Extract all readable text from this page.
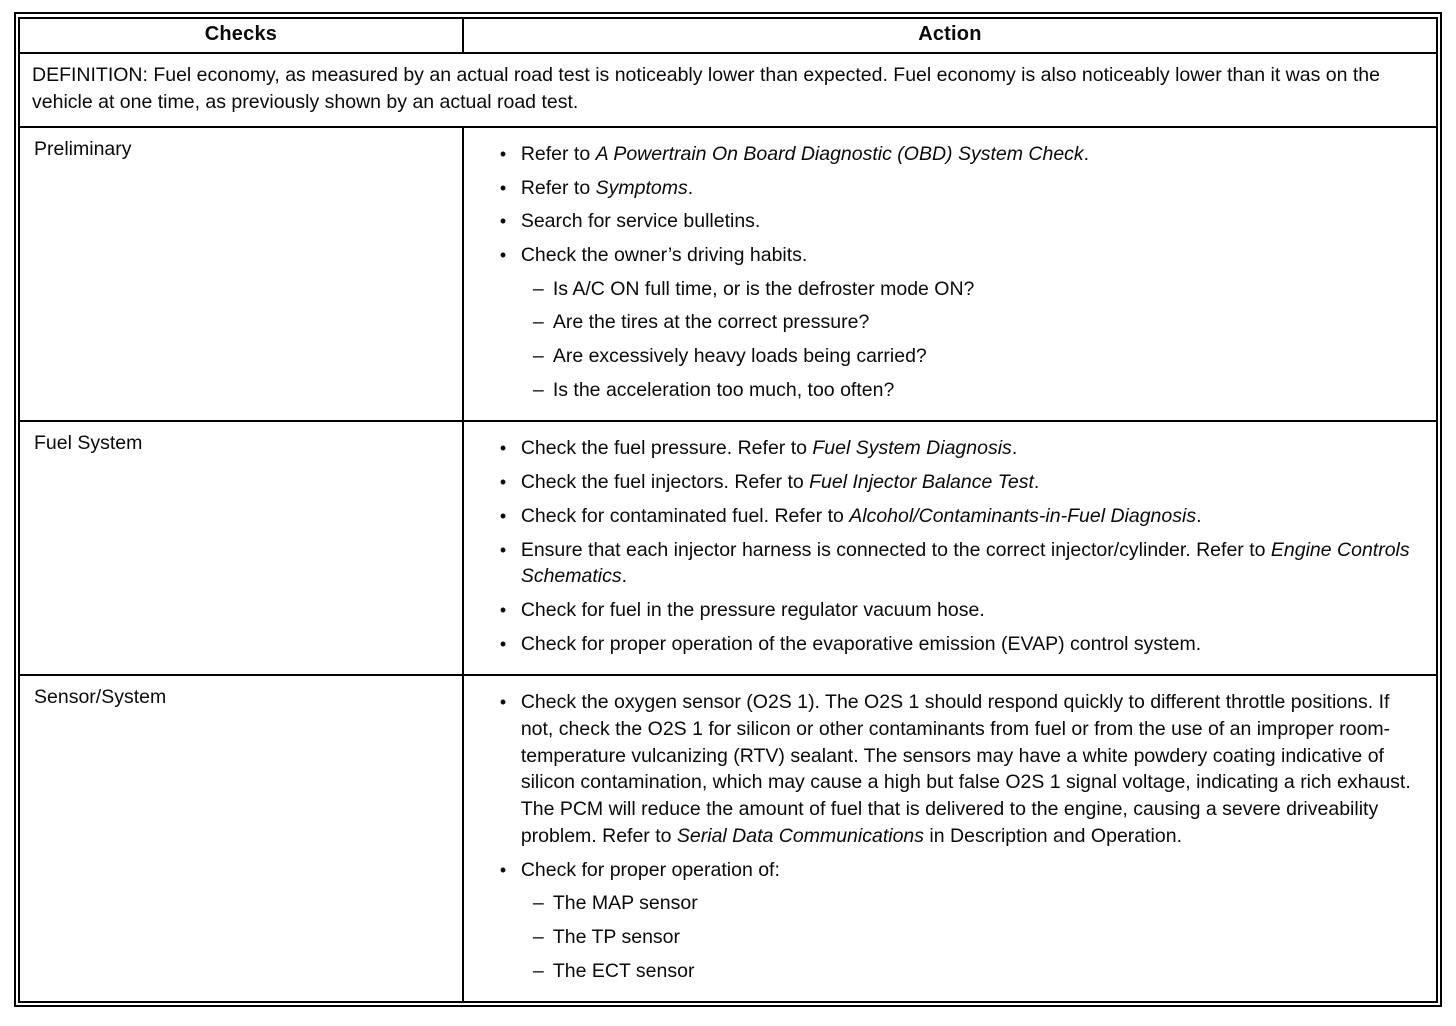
Checks	Action
DEFINITION: Fuel economy, as measured by an actual road test is noticeably lower than expected. Fuel economy is also noticeably lower than it was on the vehicle at one time, as previously shown by an actual road test.	
Preliminary	• Refer to A Powertrain On Board Diagnostic (OBD) System Check.
• Refer to Symptoms.
• Search for service bulletins.
• Check the owner’s driving habits.
– Is A/C ON full time, or is the defroster mode ON?
– Are the tires at the correct pressure?
– Are excessively heavy loads being carried?
– Is the acceleration too much, too often?

Fuel System	• Check the fuel pressure. Refer to Fuel System Diagnosis.
• Check the fuel injectors. Refer to Fuel Injector Balance Test.
• Check for contaminated fuel. Refer to Alcohol/Contaminants-in-Fuel Diagnosis.
• Ensure that each injector harness is connected to the correct injector/cylinder. Refer to Engine Controls Schematics.
• Check for fuel in the pressure regulator vacuum hose.
• Check for proper operation of the evaporative emission (EVAP) control system.

Sensor/System	• Check the oxygen sensor (O2S 1). The O2S 1 should respond quickly to different throttle positions. If not, check the O2S 1 for silicon or other contaminants from fuel or from the use of an improper room-temperature vulcanizing (RTV) sealant. The sensors may have a white powdery coating indicative of silicon contamination, which may cause a high but false O2S 1 signal voltage, indicating a rich exhaust. The PCM will reduce the amount of fuel that is delivered to the engine, causing a severe driveability problem. Refer to Serial Data Communications in Description and Operation.
• Check for proper operation of:
– The MAP sensor
– The TP sensor
– The ECT sensor
